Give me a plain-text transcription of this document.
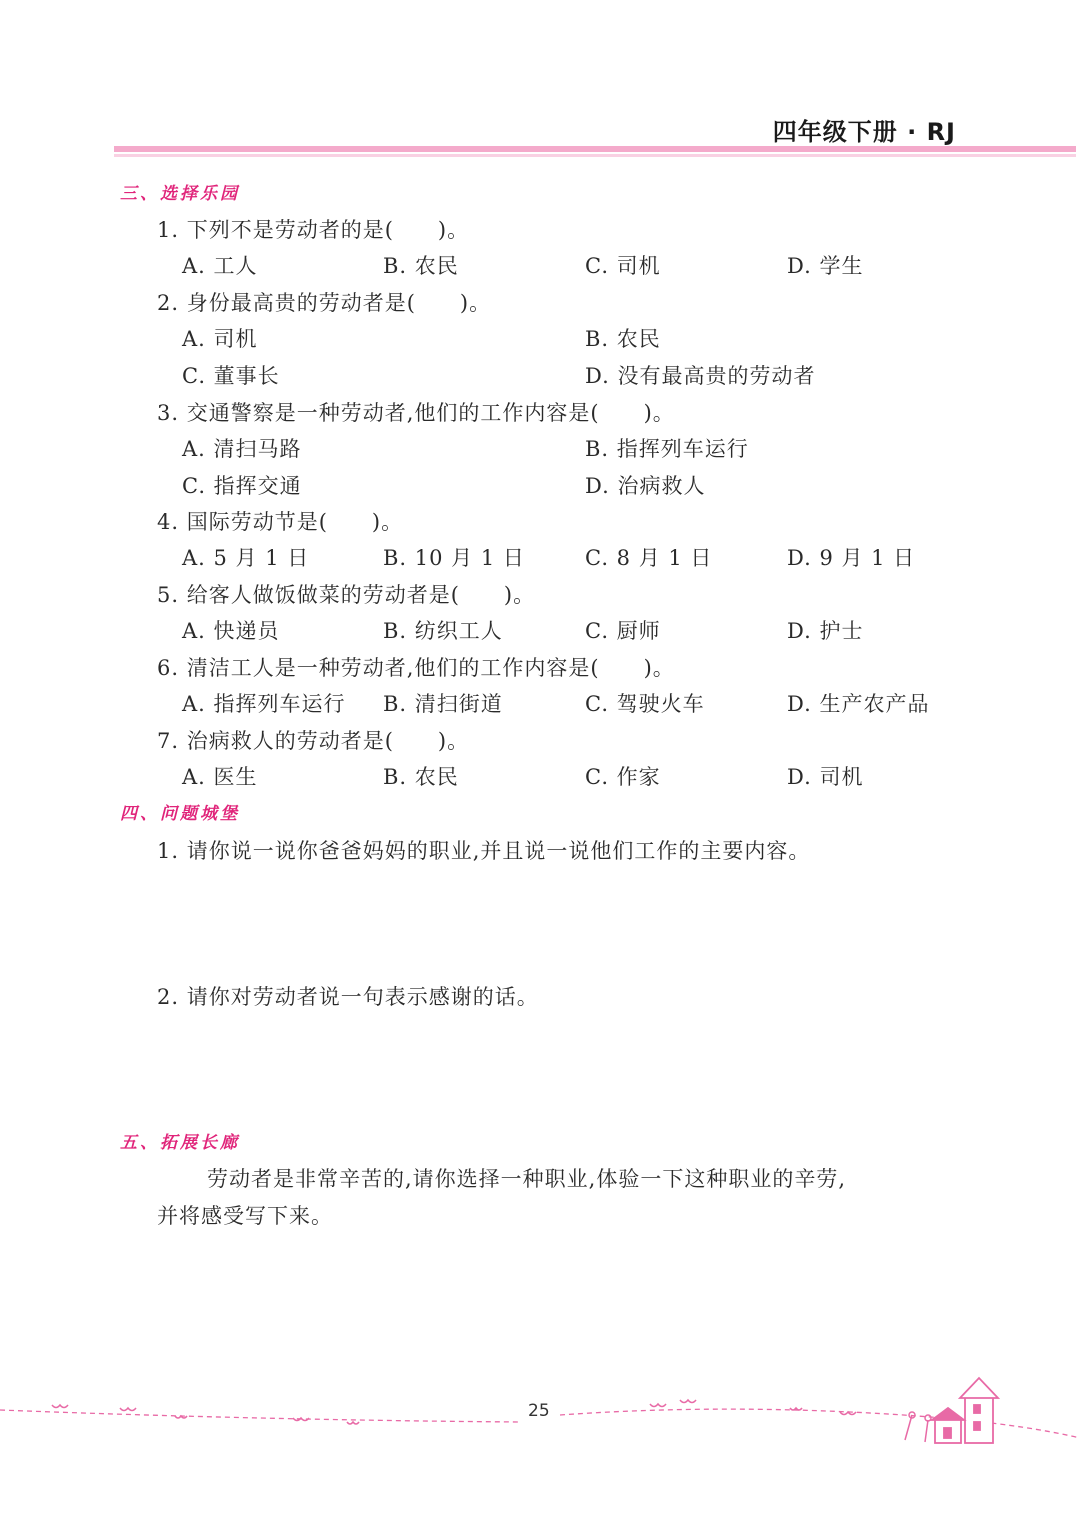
四年级下册 · RJ
三、选择乐园
1. 下列不是劳动者的是(　　)。
A. 工人	B. 农民	C. 司机	D. 学生
2. 身份最高贵的劳动者是(　　)。
A. 司机	B. 农民
C. 董事长	D. 没有最高贵的劳动者
3. 交通警察是一种劳动者,他们的工作内容是(　　)。
A. 清扫马路	B. 指挥列车运行
C. 指挥交通	D. 治病救人
4. 国际劳动节是(　　)。
A. 5 月 1 日	B. 10 月 1 日	C. 8 月 1 日	D. 9 月 1 日
5. 给客人做饭做菜的劳动者是(　　)。
A. 快递员	B. 纺织工人	C. 厨师	D. 护士
6. 清洁工人是一种劳动者,他们的工作内容是(　　)。
A. 指挥列车运行 B. 清扫街道	C. 驾驶火车	D. 生产农产品
7. 治病救人的劳动者是(　　)。
A. 医生	B. 农民	C. 作家	D. 司机
四、问题城堡
1. 请你说一说你爸爸妈妈的职业,并且说一说他们工作的主要内容。
2. 请你对劳动者说一句表示感谢的话。
五、拓展长廊
劳动者是非常辛苦的,请你选择一种职业,体验一下这种职业的辛劳,
并将感受写下来。
25
